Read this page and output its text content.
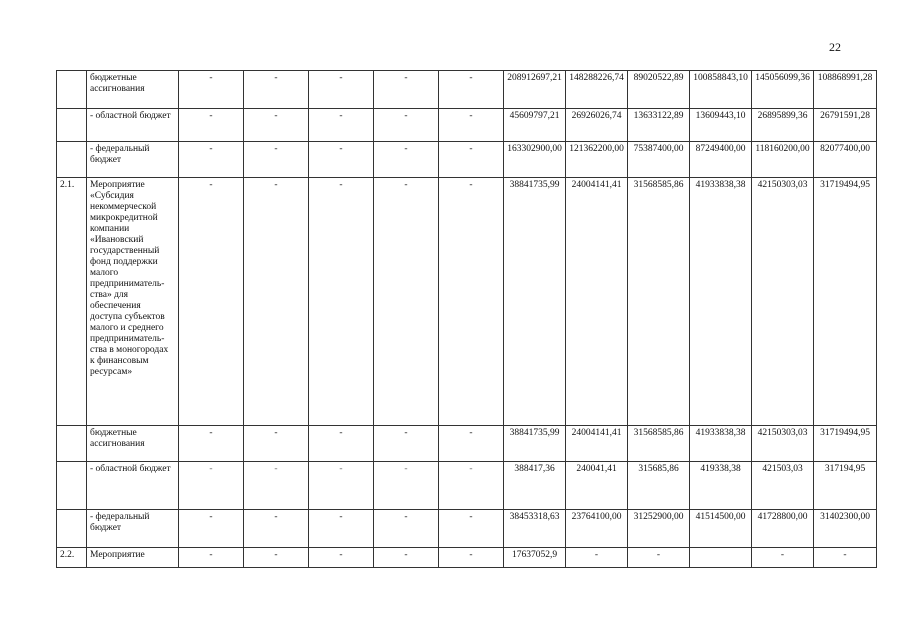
22
	бюджетные ассигнования	-	-	-	-	-	208912697,21	148288226,74	89020522,89	100858843,10	145056099,36	108868991,28
	- областной бюджет	-	-	-	-	-	45609797,21	26926026,74	13633122,89	13609443,10	26895899,36	26791591,28
	- федеральный бюджет	-	-	-	-	-	163302900,00	121362200,00	75387400,00	87249400,00	118160200,00	82077400,00
2.1.	Мероприятие «Субсидия некоммерческой микрокредитной компании «Ивановский государственный фонд поддержки малого предприниматель-ства» для обеспечения доступа субъектов малого и среднего предприниматель-ства в моногородах к финансовым ресурсам»	-	-	-	-	-	38841735,99	24004141,41	31568585,86	41933838,38	42150303,03	31719494,95
	бюджетные ассигнования	-	-	-	-	-	38841735,99	24004141,41	31568585,86	41933838,38	42150303,03	31719494,95
	- областной бюджет	-	-	-	-	-	388417,36	240041,41	315685,86	419338,38	421503,03	317194,95
	- федеральный бюджет	-	-	-	-	-	38453318,63	23764100,00	31252900,00	41514500,00	41728800,00	31402300,00
2.2.	Мероприятие	-	-	-	-	-	17637052,9	-	-		-	-
